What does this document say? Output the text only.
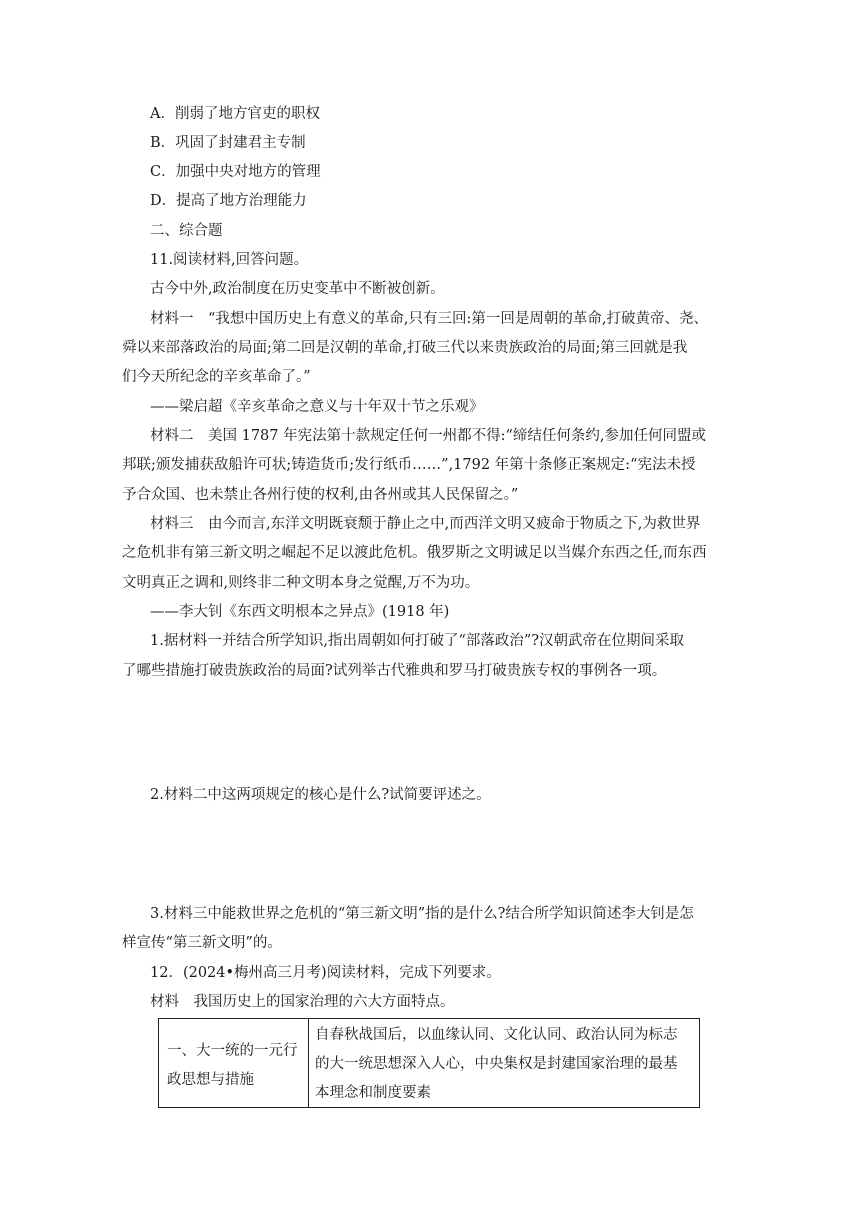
A．削弱了地方官吏的职权
B．巩固了封建君主专制
C．加强中央对地方的管理
D．提高了地方治理能力
二、综合题
11.阅读材料,回答问题。
古今中外,政治制度在历史变革中不断被创新。
材料一　“我想中国历史上有意义的革命,只有三回:第一回是周朝的革命,打破黄帝、尧、
舜以来部落政治的局面;第二回是汉朝的革命,打破三代以来贵族政治的局面;第三回就是我
们今天所纪念的辛亥革命了。”
——梁启超《辛亥革命之意义与十年双十节之乐观》
材料二　美国 1787 年宪法第十款规定任何一州都不得:“缔结任何条约,参加任何同盟或
邦联;颁发捕获敌船许可状;铸造货币;发行纸币……”,1792 年第十条修正案规定:“宪法未授
予合众国、也未禁止各州行使的权利,由各州或其人民保留之。”
材料三　由今而言,东洋文明既衰颓于静止之中,而西洋文明又疲命于物质之下,为救世界
之危机非有第三新文明之崛起不足以渡此危机。俄罗斯之文明诚足以当媒介东西之任,而东西
文明真正之调和,则终非二种文明本身之觉醒,万不为功。
——李大钊《东西文明根本之异点》(1918 年)
1.据材料一并结合所学知识,指出周朝如何打破了“部落政治”?汉朝武帝在位期间采取
了哪些措施打破贵族政治的局面?试列举古代雅典和罗马打破贵族专权的事例各一项。
2.材料二中这两项规定的核心是什么?试简要评述之。
3.材料三中能救世界之危机的“第三新文明”指的是什么?结合所学知识简述李大钊是怎
样宣传“第三新文明”的。
12．(2024•梅州高三月考)阅读材料，完成下列要求。
材料　我国历史上的国家治理的六大方面特点。
一、大一统的一元行
政思想与措施
自春秋战国后，以血缘认同、文化认同、政治认同为标志
的大一统思想深入人心，中央集权是封建国家治理的最基
本理念和制度要素
